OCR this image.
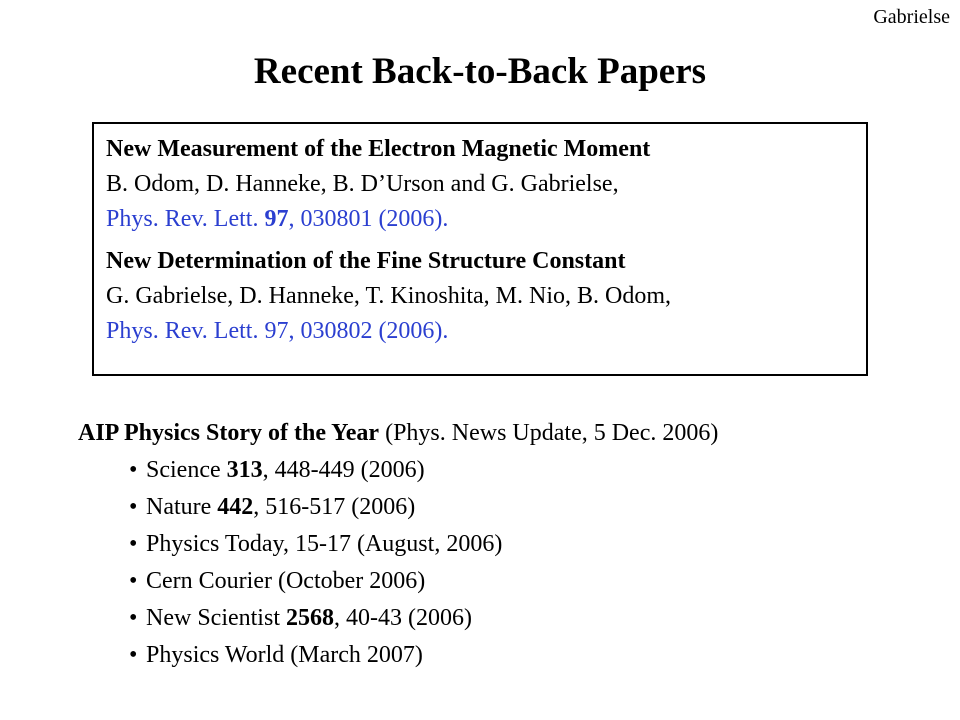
Gabrielse
Recent Back-to-Back Papers

New Measurement of the Electron Magnetic Moment
B. Odom, D. Hanneke, B. D’Urson and G. Gabrielse,
Phys. Rev. Lett. 97, 030801 (2006).

New Determination of the Fine Structure Constant
G. Gabrielse, D. Hanneke, T. Kinoshita, M. Nio, B. Odom,
Phys. Rev. Lett. 97, 030802 (2006).

AIP Physics Story of the Year (Phys. News Update, 5 Dec. 2006)
• Science 313, 448-449 (2006)
• Nature 442, 516-517 (2006)
• Physics Today, 15-17 (August, 2006)
• Cern Courier (October 2006)
• New Scientist 2568, 40-43 (2006)
• Physics World (March 2007)
